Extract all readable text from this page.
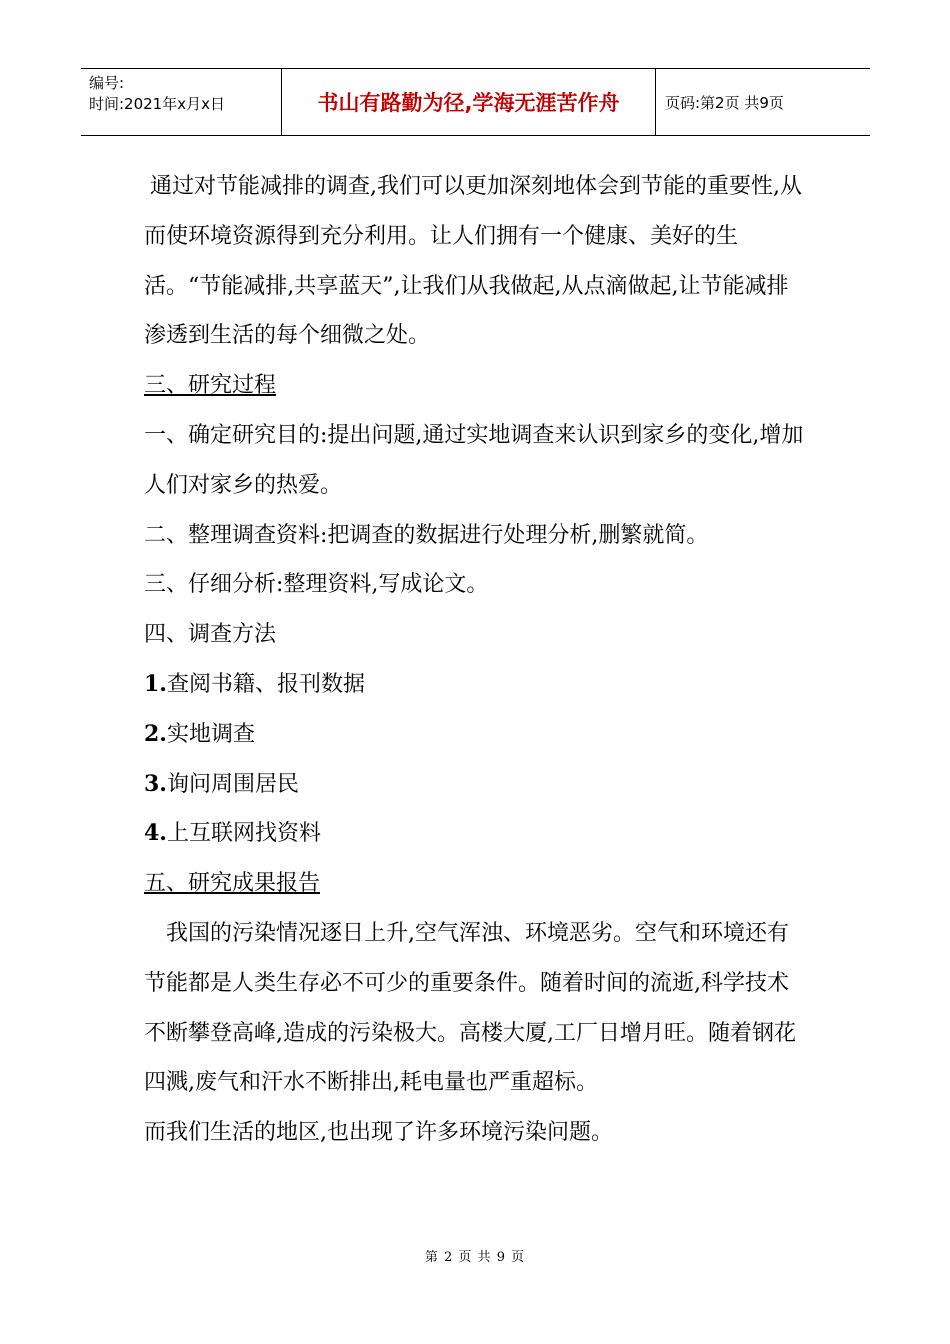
编号:
时间:2021年x月x日	书山有路勤为径,学海无涯苦作舟	页码:第2页 共9页

通过对节能减排的调查,我们可以更加深刻地体会到节能的重要性,从而使环境资源得到充分利用。让人们拥有一个健康、美好的生活。“节能减排,共享蓝天”,让我们从我做起,从点滴做起,让节能减排渗透到生活的每个细微之处。

三、研究过程

一、确定研究目的:提出问题,通过实地调查来认识到家乡的变化,增加人们对家乡的热爱。

二、整理调查资料:把调查的数据进行处理分析,删繁就简。

三、仔细分析:整理资料,写成论文。

四、调查方法

1.查阅书籍、报刊数据

2.实地调查

3.询问周围居民

4.上互联网找资料

五、研究成果报告

我国的污染情况逐日上升,空气浑浊、环境恶劣。空气和环境还有节能都是人类生存必不可少的重要条件。随着时间的流逝,科学技术不断攀登高峰,造成的污染极大。高楼大厦,工厂日增月旺。随着钢花四溅,废气和汗水不断排出,耗电量也严重超标。

而我们生活的地区,也出现了许多环境污染问题。

第 2 页 共 9 页
